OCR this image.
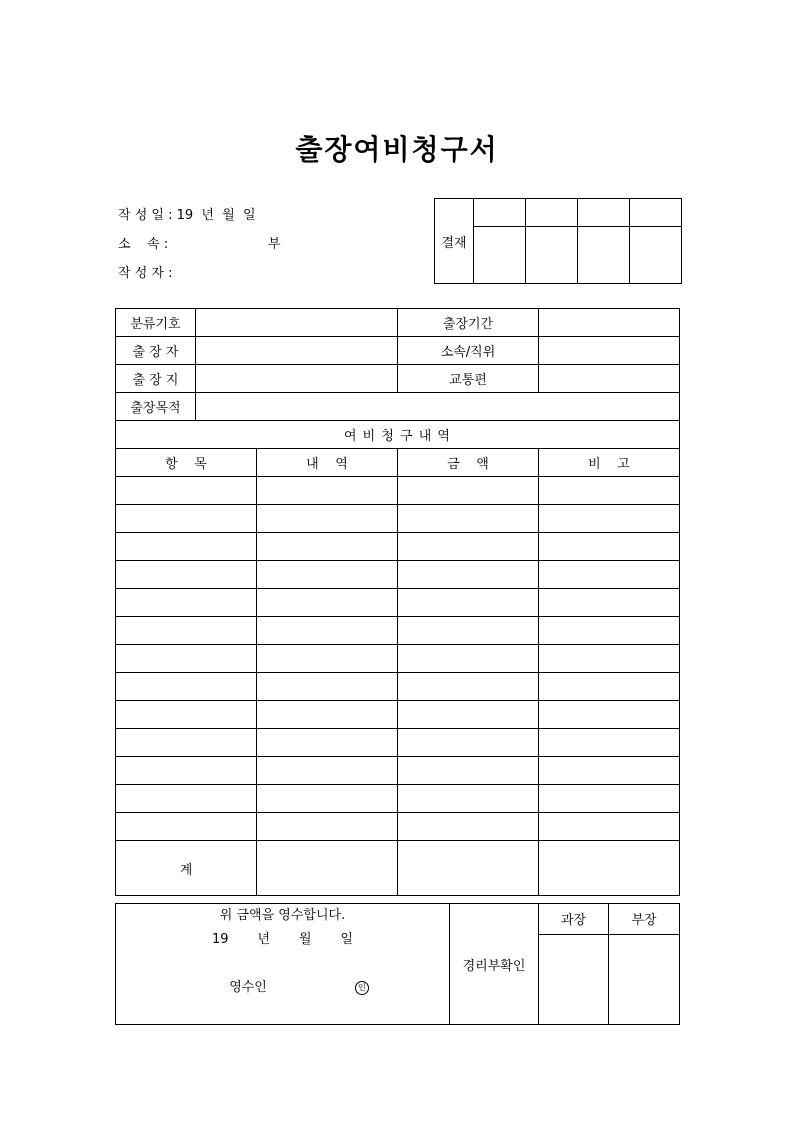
출장여비청구서
작 성 일 : 19  년  월  일
소    속 :	부
작 성 자 :
결재				

분류기호			출장기간	
출 장 자			소속/직위	
출 장 지			교통편	
출장목적				
여 비 청 구 내 역				
항    목		내    역	금    액	비    고

계				
위 금액을 영수합니다.
19       년       월       일

영수인 인	경리부확인	과장	부장
